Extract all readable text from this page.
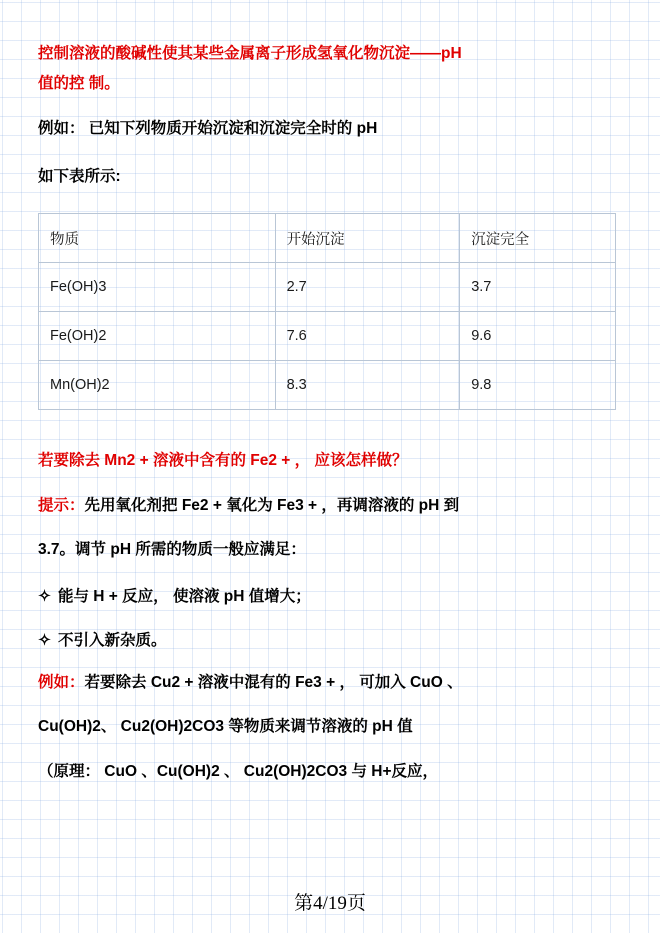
控制溶液的酸碱性使其某些金属离子形成氢氧化物沉淀——pH
值的控 制。
例如： 已知下列物质开始沉淀和沉淀完全时的 pH
如下表所示:
物质	开始沉淀	沉淀完全
Fe(OH)3	2.7	3.7
Fe(OH)2	7.6	9.6
Mn(OH)2	8.3	9.8
若要除去 Mn2 + 溶液中含有的 Fe2 + ， 应该怎样做？
提示：先用氧化剂把 Fe2 + 氧化为 Fe3 + ，再调溶液的 pH 到
3.7。调节 pH 所需的物质一般应满足：
✧ 能与 H + 反应， 使溶液 pH 值增大；
✧ 不引入新杂质。
例如：若要除去 Cu2 + 溶液中混有的 Fe3 + ， 可加入 CuO 、
Cu(OH)2、 Cu2(OH)2CO3 等物质来调节溶液的 pH 值
（原理： CuO 、Cu(OH)2 、 Cu2(OH)2CO3 与 H+反应，
第4/19页
